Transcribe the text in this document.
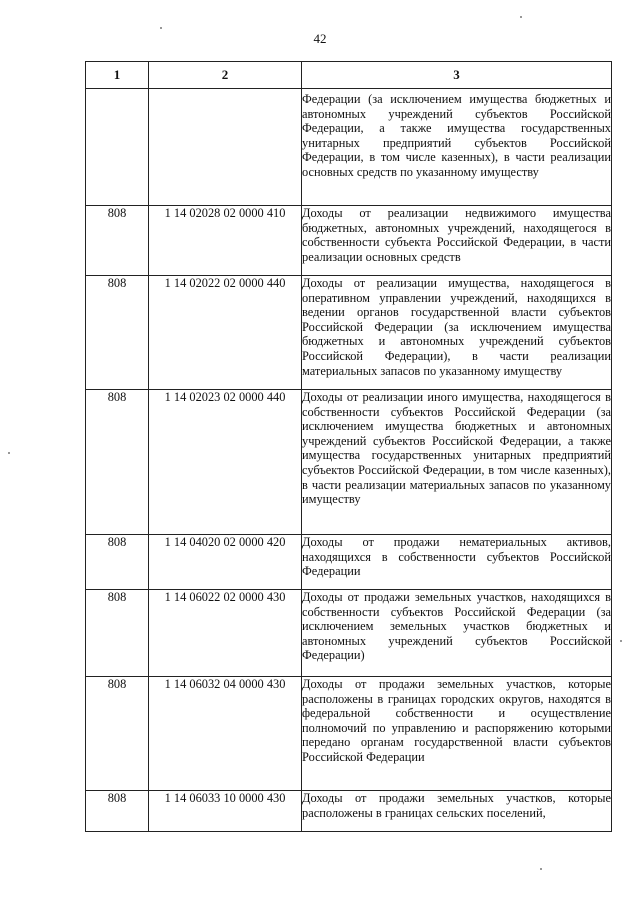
42
1	2	3
		Федерации (за исключением имущества бюджетных и автономных учреждений субъектов Российской Федерации, а также имущества государственных унитарных предприятий субъектов Российской Федерации, в том числе казенных), в части реализации основных средств по указанному имуществу
808	1 14 02028 02 0000 410	Доходы от реализации недвижимого имущества бюджетных, автономных учреждений, находящегося в собственности субъекта Российской Федерации, в части реализации основных средств
808	1 14 02022 02 0000 440	Доходы от реализации имущества, находящегося в оперативном управлении учреждений, находящихся в ведении органов государственной власти субъектов Российской Федерации (за исключением имущества бюджетных и автономных учреждений субъектов Российской Федерации), в части реализации материальных запасов по указанному имуществу
808	1 14 02023 02 0000 440	Доходы от реализации иного имущества, находящегося в собственности субъектов Российской Федерации (за исключением имущества бюджетных и автономных учреждений субъектов Российской Федерации, а также имущества государственных унитарных предприятий субъектов Российской Федерации, в том числе казенных), в части реализации материальных запасов по указанному имуществу
808	1 14 04020 02 0000 420	Доходы от продажи нематериальных активов, находящихся в собственности субъектов Российской Федерации
808	1 14 06022 02 0000 430	Доходы от продажи земельных участков, находящихся в собственности субъектов Российской Федерации (за исключением земельных участков бюджетных и автономных учреждений субъектов Российской Федерации)
808	1 14 06032 04 0000 430	Доходы от продажи земельных участков, которые расположены в границах городских округов, находятся в федеральной собственности и осуществление полномочий по управлению и распоряжению которыми передано органам государственной власти субъектов Российской Федерации
808	1 14 06033 10 0000 430	Доходы от продажи земельных участков, которые расположены в границах сельских поселений,
